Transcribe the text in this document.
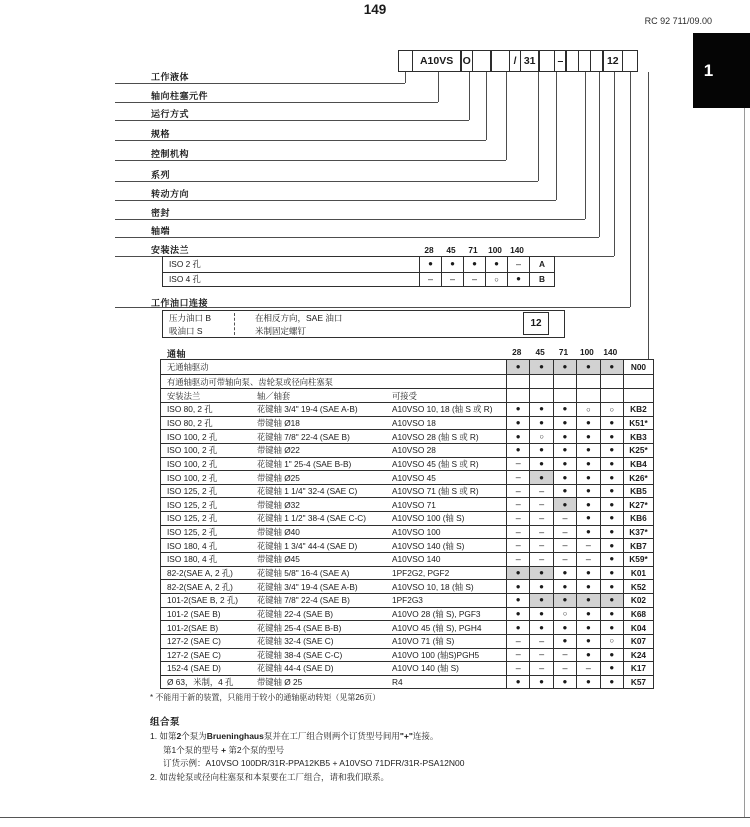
149
RC 92 711/09.00
1
A10VS O	/ 31	–	12
工作液体
轴向柱塞元件
运行方式
规格
控制机构
系列
转动方向
密封
轴端
安装法兰	28	45	71	100 140
ISO 2 孔	● ● ● ● –	A
ISO 4 孔	– – – ○ ●	B
工作油口连接
压力油口 B	在相反方向，SAE 油口
吸油口 S	米制固定螺钉
12
通轴	28	45	71	100	140
无通轴驱动	● ● ● ● ●	N00
有通轴驱动可带轴向泵、齿轮泵或径向柱塞泵
安装法兰	轴／轴套	可接受
ISO 80, 2 孔	花键轴 3/4" 19-4 (SAE A-B)	A10VSO 10, 18 (轴 S 或 R)	● ● ● ○	○	KB2
ISO 80, 2 孔	带键轴 Ø18	A10VSO 18	● ● ● ● ●	K51*
ISO 100, 2 孔	花键轴 7/8" 22-4 (SAE B)	A10VSO 28 (轴 S 或 R)	● ○ ● ● ●	KB3
ISO 100, 2 孔	带键轴 Ø22	A10VSO 28	● ● ● ● ●	K25*
ISO 100, 2 孔	花键轴 1" 25-4 (SAE B-B)	A10VSO 45 (轴 S 或 R)	– ● ● ● ●	KB4
ISO 100, 2 孔	带键轴 Ø25	A10VSO 45	– ● ● ● ●	K26*
ISO 125, 2 孔	花键轴 1 1/4" 32-4 (SAE C)	A10VSO 71 (轴 S 或 R)	– – ● ● ●	KB5
ISO 125, 2 孔	带键轴 Ø32	A10VSO 71	– – ● ● ●	K27*
ISO 125, 2 孔	花键轴 1 1/2" 38-4 (SAE C-C)	A10VSO 100 (轴 S)	– – – ● ●	KB6
ISO 125, 2 孔	带键轴 Ø40	A10VSO 100	– – – ● ●	K37*
ISO 180, 4 孔	花键轴 1 3/4" 44-4 (SAE D)	A10VSO 140 (轴 S)	– – – – ●	KB7
ISO 180, 4 孔	带键轴 Ø45	A10VSO 140	– – – – ●	K59*
82-2(SAE A, 2 孔)	花键轴 5/8" 16-4 (SAE A)	1PF2G2, PGF2	● ● ● ● ●	K01
82-2(SAE A, 2 孔)	花键轴 3/4" 19-4 (SAE A-B)	A10VSO 10, 18 (轴 S)	● ● ● ● ●	K52
101-2(SAE B, 2 孔)	花键轴 7/8" 22-4 (SAE B)	1PF2G3	● ● ● ● ●	K02
101-2 (SAE B)	花键轴 22-4 (SAE B)	A10VO 28 (轴 S), PGF3	● ● ○ ● ●	K68
101-2(SAE B)	花键轴 25-4 (SAE B-B)	A10VO 45 (轴 S), PGH4	● ● ● ● ●	K04
127-2 (SAE C)	花键轴 32-4 (SAE C)	A10VO 71 (轴 S)	– – ● ● ○	K07
127-2 (SAE C)	花键轴 38-4 (SAE C-C)	A10VO 100 (轴S)PGH5	– – – ● ●	K24
152-4 (SAE D)	花键轴 44-4 (SAE D)	A10VO 140 (轴 S)	– – – – ●	K17
Ø 63，米制，4 孔	带键轴 Ø 25	R4	● ● ● ● ●	K57
* 不能用于新的装置，只能用于较小的通轴驱动转矩（见第26页）
组合泵
1. 如第2个泵为Brueninghaus泵并在工厂组合则两个订货型号间用"+"连接。
第1个泵的型号 + 第2个泵的型号
订货示例：A10VSO 100DR/31R-PPA12KB5 + A10VSO 71DFR/31R-PSA12N00
2. 如齿轮泵或径向柱塞泵和本泵要在工厂组合，请和我们联系。
